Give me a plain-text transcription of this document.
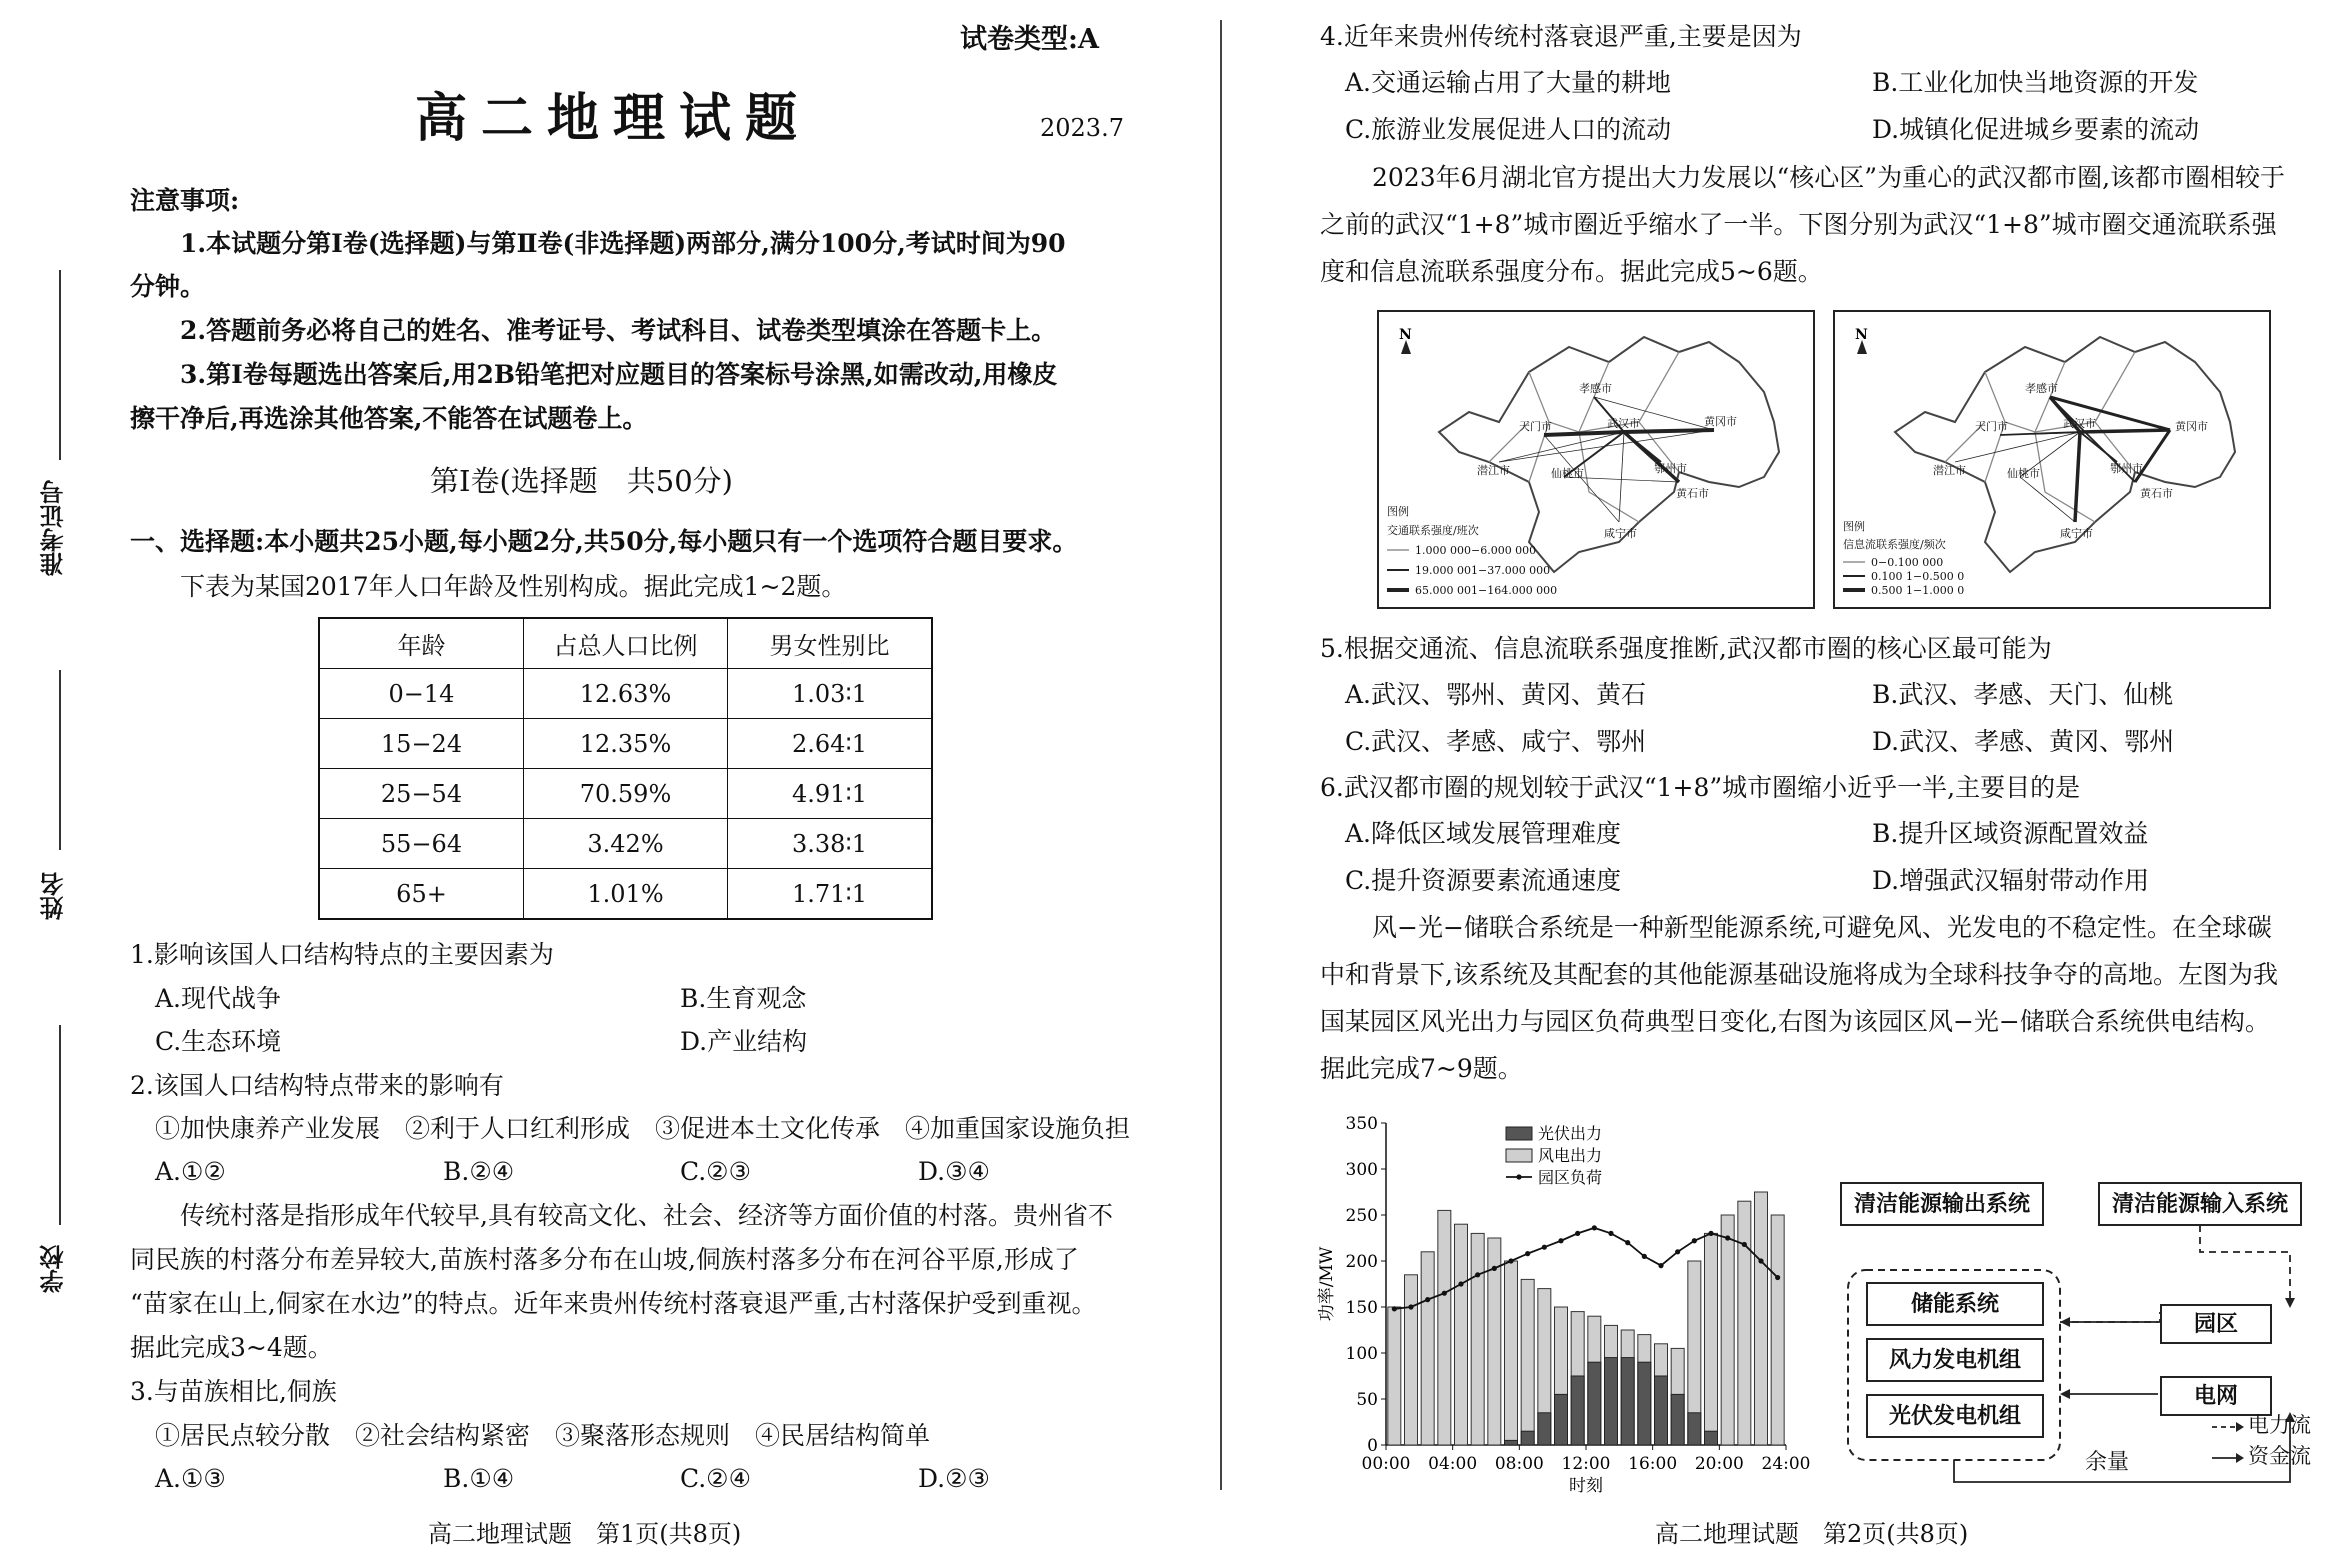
试卷类型:A
高二地理试题	2023.7
准考证号
姓名
学校
注意事项:
1.本试题分第Ⅰ卷(选择题)与第Ⅱ卷(非选择题)两部分,满分100分,考试时间为90
分钟。
2.答题前务必将自己的姓名、准考证号、考试科目、试卷类型填涂在答题卡上。
3.第Ⅰ卷每题选出答案后,用2B铅笔把对应题目的答案标号涂黑,如需改动,用橡皮
擦干净后,再选涂其他答案,不能答在试题卷上。
第Ⅰ卷(选择题　共50分)
一、选择题:本小题共25小题,每小题2分,共50分,每小题只有一个选项符合题目要求。
下表为某国2017年人口年龄及性别构成。据此完成1~2题。
年龄	占总人口比例	男女性别比
0−14	12.63%	1.03∶1
15−24	12.35%	2.64∶1
25−54	70.59%	4.91∶1
55−64	3.42%	3.38∶1
65+	1.01%	1.71∶1
1.影响该国人口结构特点的主要因素为
A.现代战争	B.生育观念
C.生态环境	D.产业结构
2.该国人口结构特点带来的影响有
①加快康养产业发展　②利于人口红利形成　③促进本土文化传承　④加重国家设施负担
A.①②	B.②④	C.②③	D.③④
传统村落是指形成年代较早,具有较高文化、社会、经济等方面价值的村落。贵州省不
同民族的村落分布差异较大,苗族村落多分布在山坡,侗族村落多分布在河谷平原,形成了
“苗家在山上,侗家在水边”的特点。近年来贵州传统村落衰退严重,古村落保护受到重视。
据此完成3~4题。
3.与苗族相比,侗族
①居民点较分散　②社会结构紧密　③聚落形态规则　④民居结构简单
A.①③	B.①④	C.②④	D.②③
高二地理试题　第1页(共8页)
4.近年来贵州传统村落衰退严重,主要是因为
A.交通运输占用了大量的耕地	B.工业化加快当地资源的开发
C.旅游业发展促进人口的流动	D.城镇化促进城乡要素的流动
2023年6月湖北官方提出大力发展以“核心区”为重心的武汉都市圈,该都市圈相较于
之前的武汉“1+8”城市圈近乎缩水了一半。下图分别为武汉“1+8”城市圈交通流联系强
度和信息流联系强度分布。据此完成5~6题。
N
孝感市
天门市	武汉市	黄冈市
潜江市	仙桃市	鄂州市
黄石市
咸宁市
图例
交通联系强度/班次
1.000 000−6.000 000
19.000 001−37.000 000
65.000 001−164.000 000
N
孝感市
天门市	武汉市	黄冈市
潜江市	仙桃市	鄂州市
黄石市
咸宁市
图例
信息流联系强度/频次
0−0.100 000
0.100 1−0.500 0
0.500 1−1.000 0
5.根据交通流、信息流联系强度推断,武汉都市圈的核心区最可能为
A.武汉、鄂州、黄冈、黄石	B.武汉、孝感、天门、仙桃
C.武汉、孝感、咸宁、鄂州	D.武汉、孝感、黄冈、鄂州
6.武汉都市圈的规划较于武汉“1+8”城市圈缩小近乎一半,主要目的是
A.降低区域发展管理难度	B.提升区域资源配置效益
C.提升资源要素流通速度	D.增强武汉辐射带动作用
风−光−储联合系统是一种新型能源系统,可避免风、光发电的不稳定性。在全球碳
中和背景下,该系统及其配套的其他能源基础设施将成为全球科技争夺的高地。左图为我
国某园区风光出力与园区负荷典型日变化,右图为该园区风−光−储联合系统供电结构。
据此完成7~9题。
0
50
100
150
200
250
300
350
00:00 04:00 08:00 12:00 16:00 20:00 24:00
光伏出力
风电出力
园区负荷
功率/MW
时刻
清洁能源输出系统	清洁能源输入系统
储能系统
风力发电机组
光伏发电机组
园区
电网
余量
电力流
资金流
高二地理试题　第2页(共8页)
